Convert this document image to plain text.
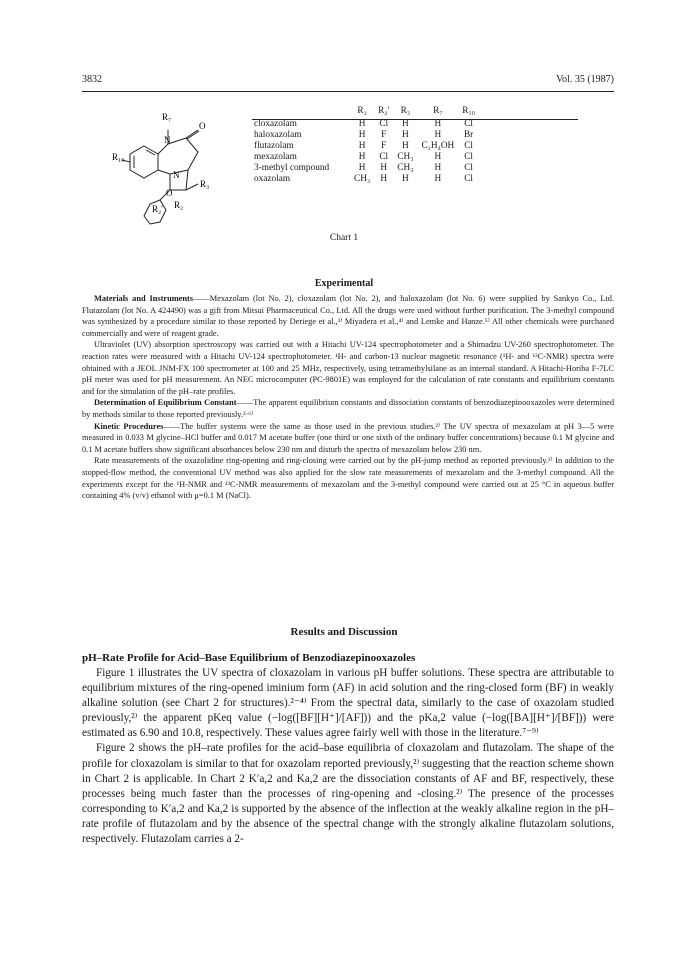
3832	Vol. 35 (1987)
R₇
N
O
R₁₀
N
O
R₃
R₂' R₂
	R₂	R₂'	R₃	R₇	R₁₀
cloxazolam	H	Cl	H	H	Cl
haloxazolam	H	F	H	H	Br
flutazolam	H	F	H	C₂H₄OH	Cl
mexazolam	H	Cl	CH₃	H	Cl
3-methyl compound	H	H	CH₃	H	Cl
oxazolam	CH₃	H	H	H	Cl
Chart 1
Experimental

Materials and Instruments——Mexazolam (lot No. 2), cloxazolam (lot No. 2), and haloxazolam (lot No. 6) were supplied by Sankyo Co., Ltd. Flutazolam (lot No. A 424490) was a gift from Mitsui Pharmaceutical Co., Ltd. All the drugs were used without further purification. The 3-methyl compound was synthesized by a procedure similar to those reported by Deriege et al.,³⁾ Miyadera et al.,⁴⁾ and Lemke and Hanze.⁵⁾ All other chemicals were purchased commercially and were of reagent grade.

Ultraviolet (UV) absorption spectroscopy was carried out with a Hitachi UV-124 spectrophotometer and a Shimadzu UV-260 spectrophotometer. The reaction rates were measured with a Hitachi UV-124 spectrophotometer. ¹H- and carbon-13 nuclear magnetic resonance (¹H- and ¹³C-NMR) spectra were obtained with a JEOL JNM-FX 100 spectrometer at 100 and 25 MHz, respectively, using tetramethylsilane as an internal standard. A Hitachi-Horiba F-7LC pH meter was used for pH measurement. An NEC microcomputer (PC-9801E) was employed for the calculation of rate constants and equilibrium constants and for the simulation of the pH–rate profiles.

Determination of Equilibrium Constant——The apparent equilibrium constants and dissociation constants of benzodiazepinooxazoles were determined by methods similar to those reported previously.²·⁶⁾

Kinetic Procedures——The buffer systems were the same as those used in the previous studies.²⁾ The UV spectra of mexazolam at pH 3—5 were measured in 0.033 M glycine–HCl buffer and 0.017 M acetate buffer (one third or one sixth of the ordinary buffer concentrations) because 0.1 M glycine and 0.1 M acetate buffers show significant absorbances below 230 nm and disturb the spectra of mexazolam below 230 nm.

Rate measurements of the oxazolidine ring-opening and ring-closing were carried out by the pH-jump method as reported previously.²⁾ In addition to the stopped-flow method, the conventional UV method was also applied for the slow rate measurements of mexazolam and the 3-methyl compound. All the experiments except for the ¹H-NMR and ¹³C-NMR measurements of mexazolam and the 3-methyl compound were carried out at 25 °C in aqueous buffer containing 4% (v/v) ethanol with μ=0.1 M (NaCl).

Results and Discussion
pH–Rate Profile for Acid–Base Equilibrium of Benzodiazepinooxazoles

Figure 1 illustrates the UV spectra of cloxazolam in various pH buffer solutions. These spectra are attributable to equilibrium mixtures of the ring-opened iminium form (AF) in acid solution and the ring-closed form (BF) in weakly alkaline solution (see Chart 2 for structures).²⁻⁴⁾ From the spectral data, similarly to the case of oxazolam studied previously,²⁾ the apparent pKeq value (−log([BF][H⁺]/[AF])) and the pKa,2 value (−log([BA][H⁺]/[BF])) were estimated as 6.90 and 10.8, respectively. These values agree fairly well with those in the literature.⁷⁻⁹⁾

Figure 2 shows the pH–rate profiles for the acid–base equilibria of cloxazolam and flutazolam. The shape of the profile for cloxazolam is similar to that for oxazolam reported previously,²⁾ suggesting that the reaction scheme shown in Chart 2 is applicable. In Chart 2 K′a,2 and Ka,2 are the dissociation constants of AF and BF, respectively, these processes being much faster than the processes of ring-opening and -closing.²⁾ The presence of the processes corresponding to K′a,2 and Ka,2 is supported by the absence of the inflection at the weakly alkaline region in the pH–rate profile of flutazolam and by the absence of the spectral change with the strongly alkaline flutazolam solutions, respectively. Flutazolam carries a 2-
